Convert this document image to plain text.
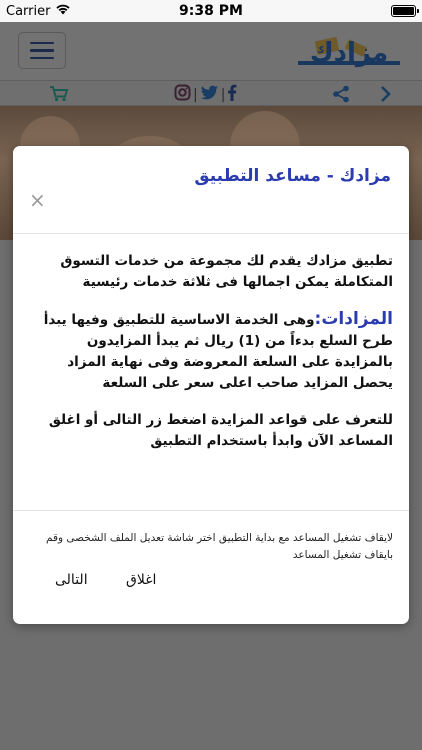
Carrier	9:38 PM
مزادك
| |
مزادك - مساعد التطبيق
×

تطبيق مزادك يقدم لك مجموعة من خدمات التسوق المتكاملة يمكن اجمالها فى ثلاثة خدمات رئيسية

المزادات:وهى الخدمة الاساسية للتطبيق وفيها يبدأ طرح السلع بدءاً من (1) ريال ثم يبدأ المزايدون بالمزايدة على السلعة المعروضة وفى نهاية المزاد يحصل المزايد صاحب اعلى سعر على السلعة

للتعرف على قواعد المزايدة اضغط زر التالى أو اغلق المساعد الآن وابدأ باستخدام التطبيق

لايقاف تشغيل المساعد مع بداية التطبيق اختر شاشة تعديل الملف الشخصى وقم بايقاف تشغيل المساعد
اغلاق
التالى
